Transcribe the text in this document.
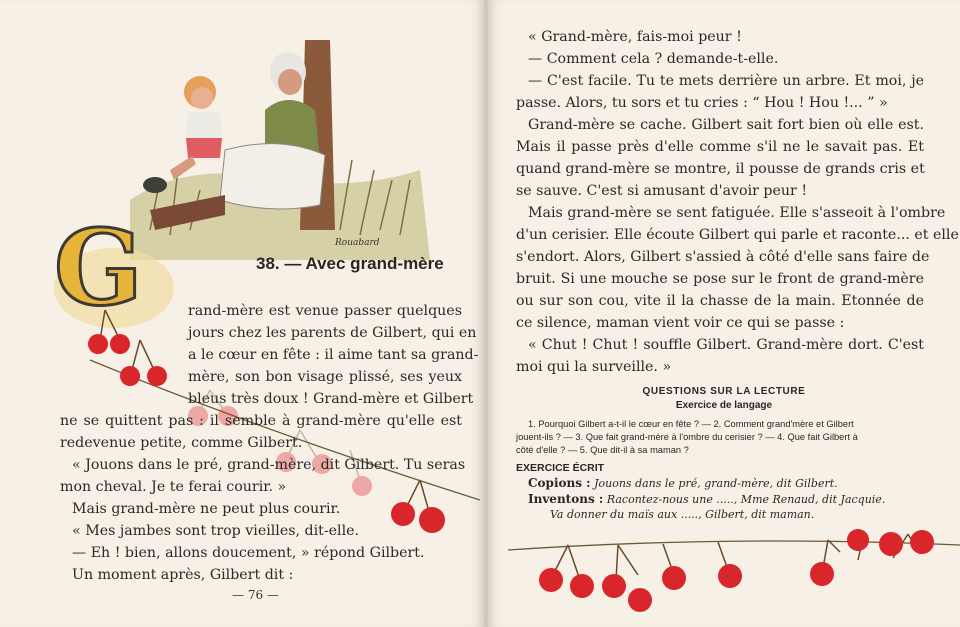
Rouabard
G	38. — Avec grand-mère
rand-mère est venue passer quelques
jours chez les parents de Gilbert, qui en
a le cœur en fête : il aime tant sa grand-
mère, son bon visage plissé, ses yeux
bleus très doux ! Grand-mère et Gilbert
ne se quittent pas : il semble à grand-mère qu'elle est
redevenue petite, comme Gilbert.
« Jouons dans le pré, grand-mère, dit Gilbert. Tu seras
mon cheval. Je te ferai courir. »
Mais grand-mère ne peut plus courir.
« Mes jambes sont trop vieilles, dit-elle.
— Eh ! bien, allons doucement, » répond Gilbert.
Un moment après, Gilbert dit :
— 76 —
« Grand-mère, fais-moi peur !
— Comment cela ? demande-t-elle.
— C'est facile. Tu te mets derrière un arbre. Et moi, je
passe. Alors, tu sors et tu cries : “ Hou ! Hou !... ” »
Grand-mère se cache. Gilbert sait fort bien où elle est.
Mais il passe près d'elle comme s'il ne le savait pas. Et
quand grand-mère se montre, il pousse de grands cris et
se sauve. C'est si amusant d'avoir peur !
Mais grand-mère se sent fatiguée. Elle s'asseoit à l'ombre
d'un cerisier. Elle écoute Gilbert qui parle et raconte... et elle
s'endort. Alors, Gilbert s'assied à côté d'elle sans faire de
bruit. Si une mouche se pose sur le front de grand-mère
ou sur son cou, vite il la chasse de la main. Etonnée de
ce silence, maman vient voir ce qui se passe :
« Chut ! Chut ! souffle Gilbert. Grand-mère dort. C'est
moi qui la surveille. »
QUESTIONS SUR LA LECTURE
Exercice de langage
1. Pourquoi Gilbert a-t-il le cœur en fête ? — 2. Comment grand'mère et Gilbert
jouent-ils ? — 3. Que fait grand-mère à l'ombre du cerisier ? — 4. Que fait Gilbert à
côté d'elle ? — 5. Que dit-il à sa maman ?
EXERCICE ÉCRIT
Copions : Jouons dans le pré, grand-mère, dit Gilbert.
Inventons : Racontez-nous une ....., Mme Renaud, dit Jacquie.
Va donner du maïs aux ....., Gilbert, dit maman.
